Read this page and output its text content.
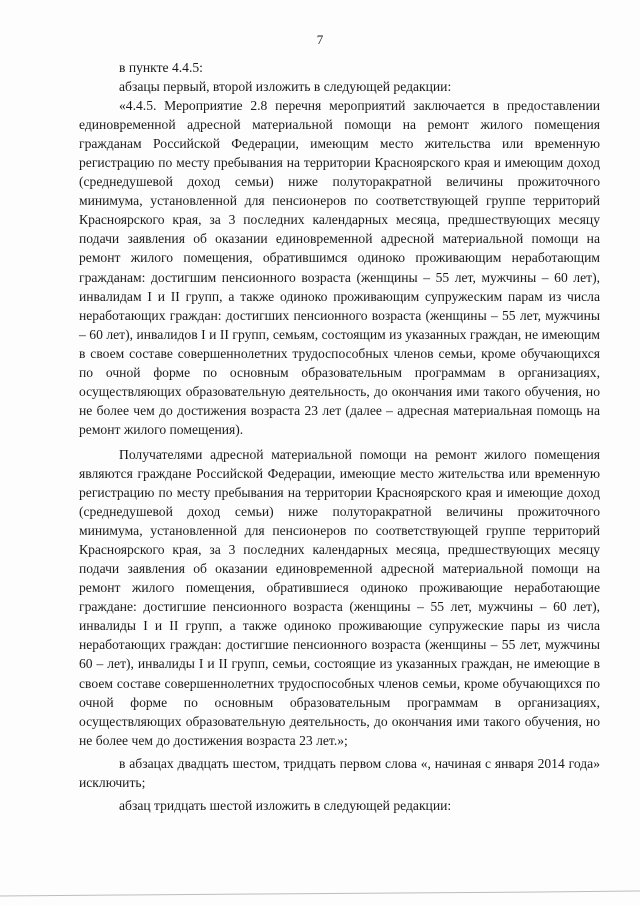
7

в пункте 4.4.5:

абзацы первый, второй изложить в следующей редакции:

«4.4.5. Мероприятие 2.8 перечня мероприятий заключается в предоставлении единовременной адресной материальной помощи на ремонт жилого помещения гражданам Российской Федерации, имеющим место жительства или временную регистрацию по месту пребывания на территории Красноярского края и имеющим доход (среднедушевой доход семьи) ниже полуторакратной величины прожиточного минимума, установленной для пенсионеров по соответствующей группе территорий Красноярского края, за 3 последних календарных месяца, предшествующих месяцу подачи заявления об оказании единовременной адресной материальной помощи на ремонт жилого помещения, обратившимся одиноко проживающим неработающим гражданам: достигшим пенсионного возраста (женщины – 55 лет, мужчины – 60 лет), инвалидам I и II групп, а также одиноко проживающим супружеским парам из числа неработающих граждан: достигших пенсионного возраста (женщины – 55 лет, мужчины – 60 лет), инвалидов I и II групп, семьям, состоящим из указанных граждан, не имеющим в своем составе совершеннолетних трудоспособных членов семьи, кроме обучающихся по очной форме по основным образовательным программам в организациях, осуществляющих образовательную деятельность, до окончания ими такого обучения, но не более чем до достижения возраста 23 лет (далее – адресная материальная помощь на ремонт жилого помещения).

Получателями адресной материальной помощи на ремонт жилого помещения являются граждане Российской Федерации, имеющие место жительства или временную регистрацию по месту пребывания на территории Красноярского края и имеющие доход (среднедушевой доход семьи) ниже полуторакратной величины прожиточного минимума, установленной для пенсионеров по соответствующей группе территорий Красноярского края, за 3 последних календарных месяца, предшествующих месяцу подачи заявления об оказании единовременной адресной материальной помощи на ремонт жилого помещения, обратившиеся одиноко проживающие неработающие граждане: достигшие пенсионного возраста (женщины – 55 лет, мужчины – 60 лет), инвалиды I и II групп, а также одиноко проживающие супружеские пары из числа неработающих граждан: достигшие пенсионного возраста (женщины – 55 лет, мужчины 60 – лет), инвалиды I и II групп, семьи, состоящие из указанных граждан, не имеющие в своем составе совершеннолетних трудоспособных членов семьи, кроме обучающихся по очной форме по основным образовательным программам в организациях, осуществляющих образовательную деятельность, до окончания ими такого обучения, но не более чем до достижения возраста 23 лет.»;

в абзацах двадцать шестом, тридцать первом слова «, начиная с января 2014 года» исключить;

абзац тридцать шестой изложить в следующей редакции:
